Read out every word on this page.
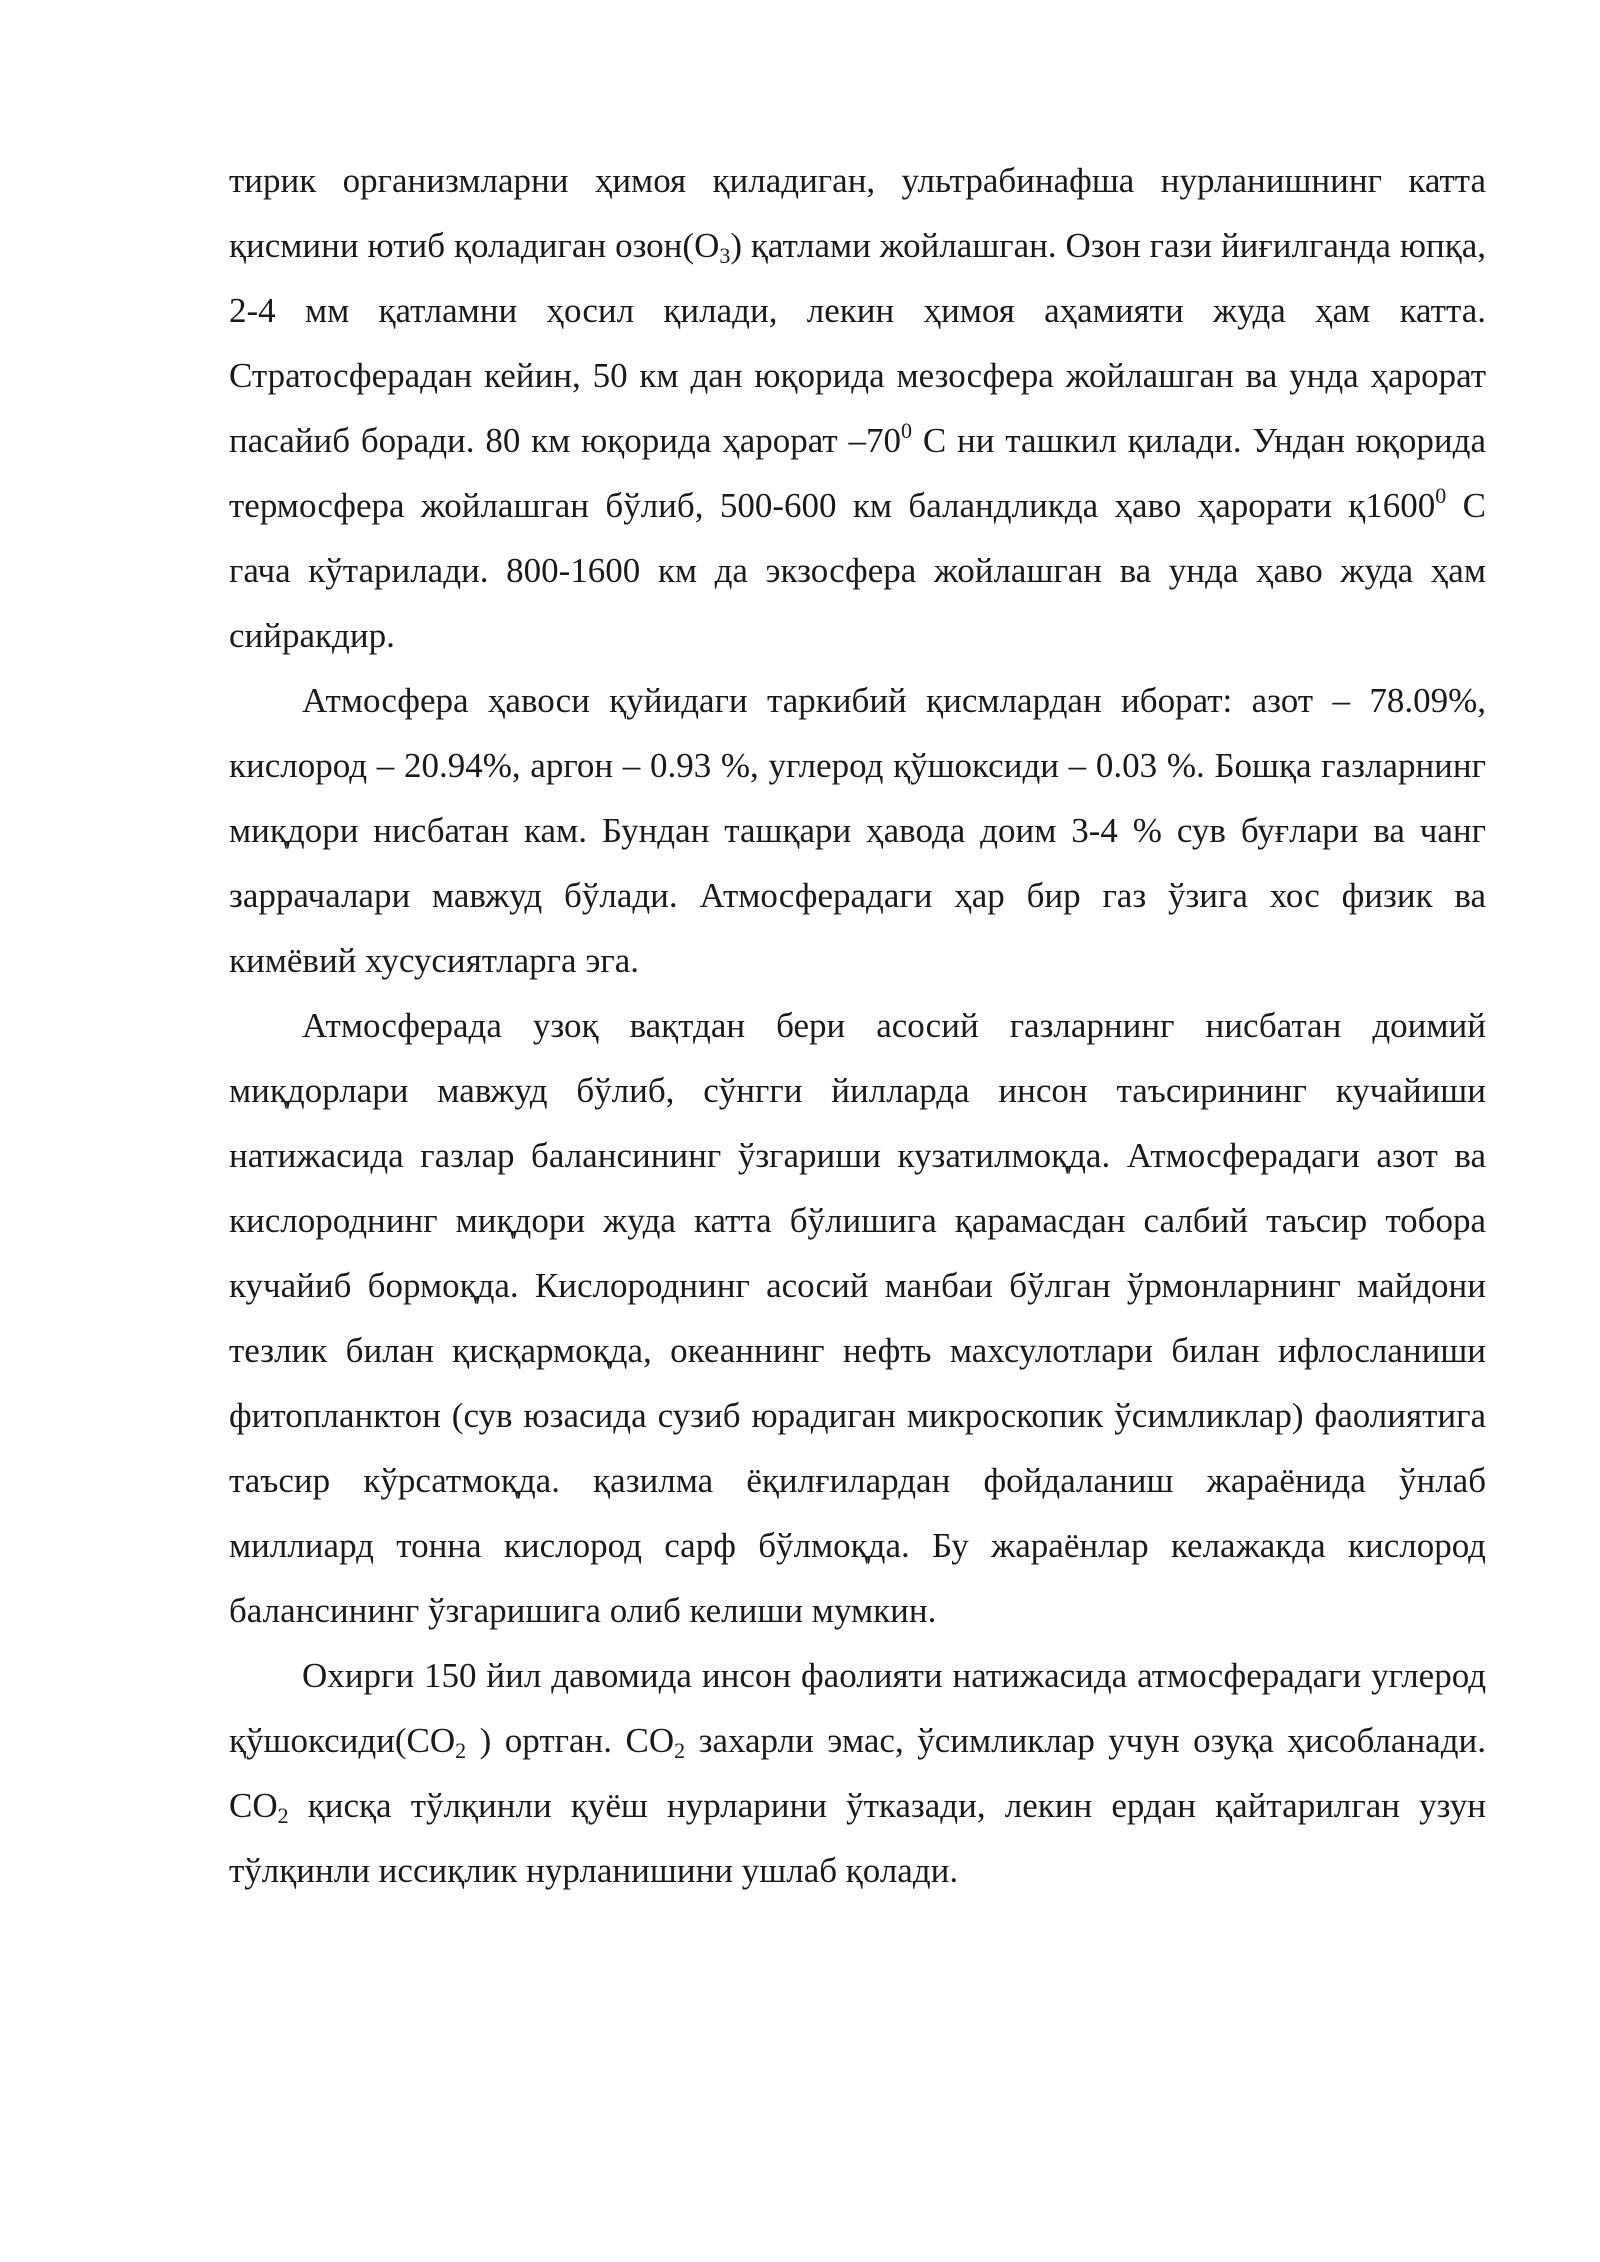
тирик организмларни ҳимоя қиладиган, ультрабинафша нурланишнинг катта қисмини ютиб қоладиган $озон(О_3)$ қатлами жойлашган. Озон гази йиғилганда юпқа, 2-4 мм қатламни ҳосил қилади, лекин ҳимоя аҳамияти жуда ҳам катта. Стратосферадан кейин, 50 км дан юқорида мезосфера жойлашган ва унда ҳарорат пасайиб боради. 80 км юқорида ҳарорат $-70^0$ С ни ташкил қилади. Ундан юқорида термосфера жойлашган бўлиб, 500-600 км баландликда ҳаво ҳарорати қ1600$^0$ С гача кўтарилади. 800-1600 км да экзосфера жойлашган ва унда ҳаво жуда ҳам сийракдир.

Атмосфера ҳавоси қуйидаги таркибий қисмлардан иборат: азот – 78.09%, кислород – 20.94%, аргон – 0.93 %, углерод қўшоксиди – 0.03 %. Бошқа газларнинг миқдори нисбатан кам. Бундан ташқари ҳавода доим 3-4 % сув буғлари ва чанг заррачалари мавжуд бўлади. Атмосферадаги ҳар бир газ ўзига хос физик ва кимёвий хусусиятларга эга.

Атмосферада узоқ вақтдан бери асосий газларнинг нисбатан доимий миқдорлари мавжуд бўлиб, сўнгги йилларда инсон таъсирининг кучайиши натижасида газлар балансининг ўзгариши кузатилмоқда. Атмосферадаги азот ва кислороднинг миқдори жуда катта бўлишига қарамасдан салбий таъсир тобора кучайиб бормоқда. Кислороднинг асосий манбаи бўлган ўрмонларнинг майдони тезлик билан қисқармоқда, океаннинг нефть махсулотлари билан ифлосланиши фитопланктон (сув юзасида сузиб юрадиган микроскопик ўсимликлар) фаолиятига таъсир кўрсатмоқда. қазилма ёқилғилардан фойдаланиш жараёнида ўнлаб миллиард тонна кислород сарф бўлмоқда. Бу жараёнлар келажакда кислород балансининг ўзгаришига олиб келиши мумкин.

Охирги 150 йил давомида инсон фаолияти натижасида атмосферадаги углерод $қўшоксиди(СО_2$ ) ортган. $СО_2$ захарли эмас, ўсимликлар учун озуқа ҳисобланади. $СО_2$ қисқа тўлқинли қуёш нурларини ўтказади, лекин ердан қайтарилган узун тўлқинли иссиқлик нурланишини ушлаб қолади.
